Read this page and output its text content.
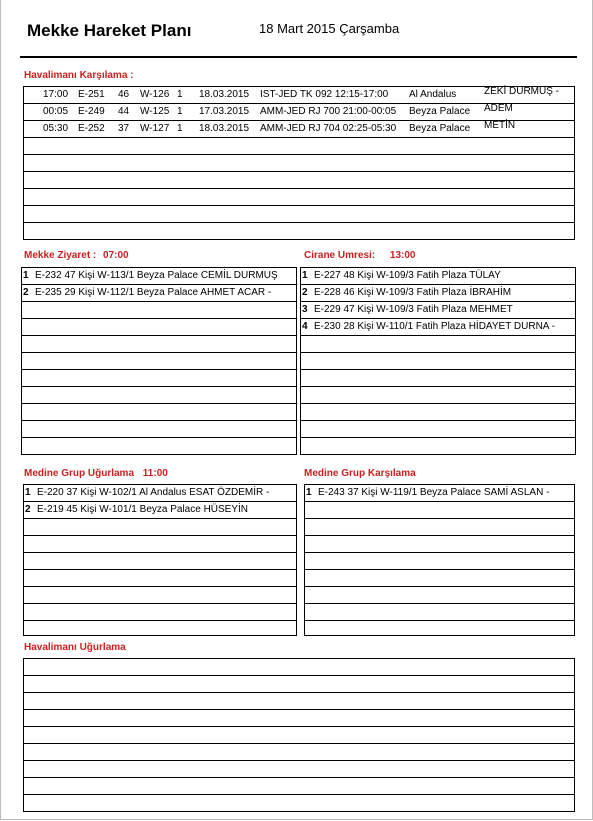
Mekke Hareket Planı	18 Mart 2015 Çarşamba
Havalimanı Karşılama :
17:00 E-251 46 W-126 1 18.03.2015 IST-JED TK 092 12:15-17:00 Al Andalus	ZEKİ DURMUŞ -
00:05 E-249 44 W-125 1 17.03.2015 AMM-JED RJ 700 21:00-00:05 Beyza Palace ADEM
05:30 E-252 37 W-127 1 18.03.2015 AMM-JED RJ 704 02:25-05:30 Beyza Palace METİN
Mekke Ziyaret : 07:00
1 E-232 47 Kişi W-113/1 Beyza Palace CEMİL DURMUŞ
2 E-235 29 Kişi W-112/1 Beyza Palace AHMET ACAR -
Cirane Umresi: 13:00
1 E-227 48 Kişi W-109/3 Fatih Plaza TÜLAY
2 E-228 46 Kişi W-109/3 Fatih Plaza İBRAHİM
3 E-229 47 Kişi W-109/3 Fatih Plaza MEHMET
4 E-230 28 Kişi W-110/1 Fatih Plaza HİDAYET DURNA -
Medine Grup Uğurlama 11:00
1 E-220 37 Kişi W-102/1 Al Andalus ESAT ÖZDEMİR -
2 E-219 45 Kişi W-101/1 Beyza Palace HÜSEYİN
Medine Grup Karşılama
1 E-243 37 Kişi W-119/1 Beyza Palace SAMİ ASLAN -
Havalimanı Uğurlama
